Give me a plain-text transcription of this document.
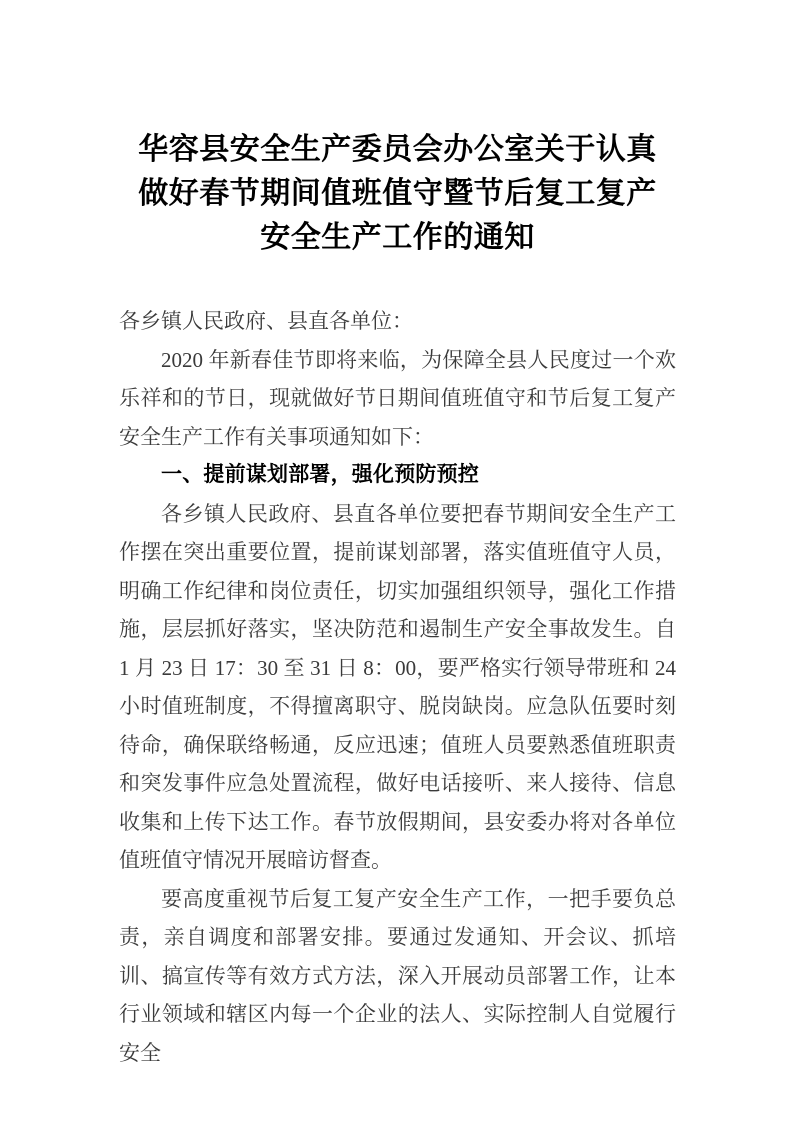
华容县安全生产委员会办公室关于认真做好春节期间值班值守暨节后复工复产安全生产工作的通知

各乡镇人民政府、县直各单位：

2020 年新春佳节即将来临，为保障全县人民度过一个欢乐祥和的节日，现就做好节日期间值班值守和节后复工复产安全生产工作有关事项通知如下：

一、提前谋划部署，强化预防预控

各乡镇人民政府、县直各单位要把春节期间安全生产工作摆在突出重要位置，提前谋划部署，落实值班值守人员，明确工作纪律和岗位责任，切实加强组织领导，强化工作措施，层层抓好落实，坚决防范和遏制生产安全事故发生。自 1 月 23 日 17：30 至 31 日 8：00，要严格实行领导带班和 24 小时值班制度，不得擅离职守、脱岗缺岗。应急队伍要时刻待命，确保联络畅通，反应迅速；值班人员要熟悉值班职责和突发事件应急处置流程，做好电话接听、来人接待、信息收集和上传下达工作。春节放假期间，县安委办将对各单位值班值守情况开展暗访督查。

要高度重视节后复工复产安全生产工作，一把手要负总责，亲自调度和部署安排。要通过发通知、开会议、抓培训、搞宣传等有效方式方法，深入开展动员部署工作，让本行业领域和辖区内每一个企业的法人、实际控制人自觉履行安全
